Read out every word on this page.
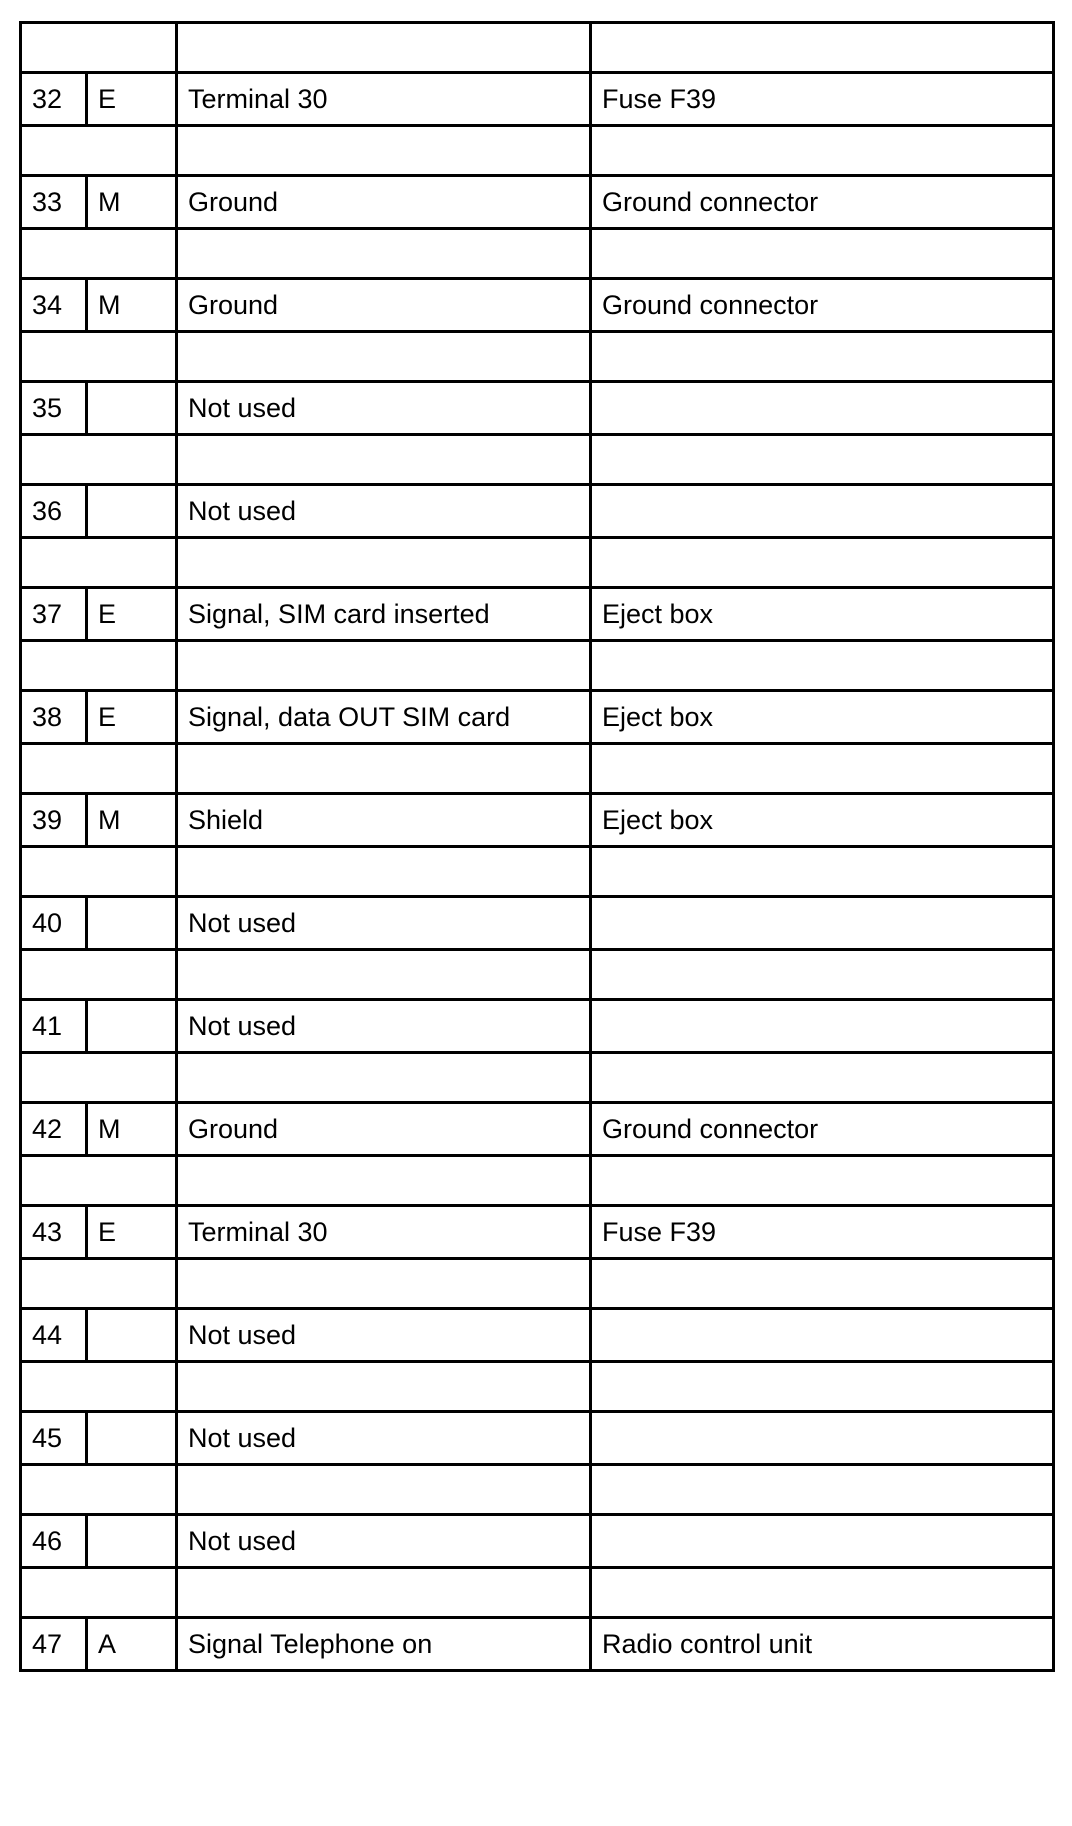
32	E	Terminal 30	Fuse F39

33	M	Ground	Ground connector

34	M	Ground	Ground connector

35		Not used	

36		Not used	

37	E	Signal, SIM card inserted	Eject box

38	E	Signal, data OUT SIM card	Eject box

39	M	Shield	Eject box

40		Not used	

41		Not used	

42	M	Ground	Ground connector

43	E	Terminal 30	Fuse F39

44		Not used	

45		Not used	

46		Not used	

47	A	Signal Telephone on	Radio control unit
